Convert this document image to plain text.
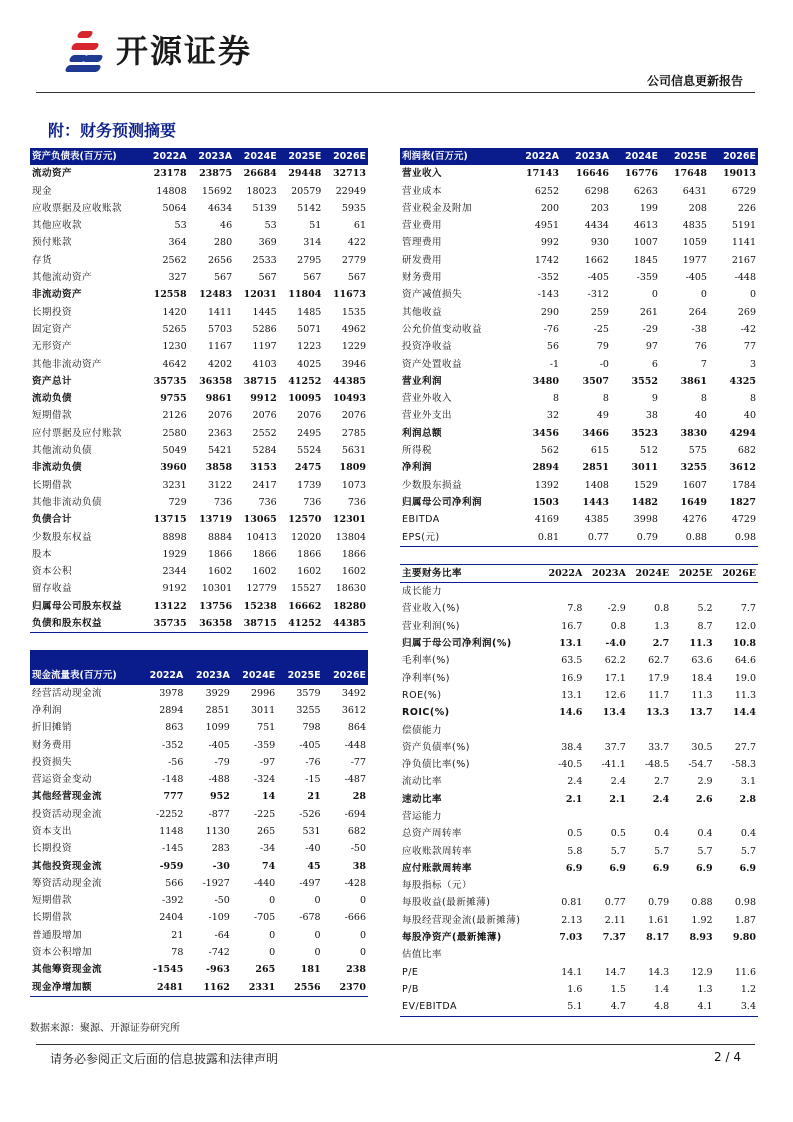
开源证券
公司信息更新报告
附：财务预测摘要
资产负债表(百万元)	2022A	2023A	2024E	2025E	2026E
流动资产	23178	23875	26684	29448	32713
现金	14808	15692	18023	20579	22949
应收票据及应收账款	5064	4634	5139	5142	5935
其他应收款	53	46	53	51	61
预付账款	364	280	369	314	422
存货	2562	2656	2533	2795	2779
其他流动资产	327	567	567	567	567
非流动资产	12558	12483	12031	11804	11673
长期投资	1420	1411	1445	1485	1535
固定资产	5265	5703	5286	5071	4962
无形资产	1230	1167	1197	1223	1229
其他非流动资产	4642	4202	4103	4025	3946
资产总计	35735	36358	38715	41252	44385
流动负债	9755	9861	9912	10095	10493
短期借款	2126	2076	2076	2076	2076
应付票据及应付账款	2580	2363	2552	2495	2785
其他流动负债	5049	5421	5284	5524	5631
非流动负债	3960	3858	3153	2475	1809
长期借款	3231	3122	2417	1739	1073
其他非流动负债	729	736	736	736	736
负债合计	13715	13719	13065	12570	12301
少数股东权益	8898	8884	10413	12020	13804
股本	1929	1866	1866	1866	1866
资本公积	2344	1602	1602	1602	1602
留存收益	9192	10301	12779	15527	18630
归属母公司股东权益	13122	13756	15238	16662	18280
负债和股东权益	35735	36358	38715	41252	44385
现金流量表(百万元)	2022A	2023A	2024E	2025E	2026E
经营活动现金流	3978	3929	2996	3579	3492
净利润	2894	2851	3011	3255	3612
折旧摊销	863	1099	751	798	864
财务费用	-352	-405	-359	-405	-448
投资损失	-56	-79	-97	-76	-77
营运资金变动	-148	-488	-324	-15	-487
其他经营现金流	777	952	14	21	28
投资活动现金流	-2252	-877	-225	-526	-694
资本支出	1148	1130	265	531	682
长期投资	-145	283	-34	-40	-50
其他投资现金流	-959	-30	74	45	38
筹资活动现金流	566	-1927	-440	-497	-428
短期借款	-392	-50	0	0	0
长期借款	2404	-109	-705	-678	-666
普通股增加	21	-64	0	0	0
资本公积增加	78	-742	0	0	0
其他筹资现金流	-1545	-963	265	181	238
现金净增加额	2481	1162	2331	2556	2370
利润表(百万元)	2022A	2023A	2024E	2025E	2026E
营业收入	17143	16646	16776	17648	19013
营业成本	6252	6298	6263	6431	6729
营业税金及附加	200	203	199	208	226
营业费用	4951	4434	4613	4835	5191
管理费用	992	930	1007	1059	1141
研发费用	1742	1662	1845	1977	2167
财务费用	-352	-405	-359	-405	-448
资产减值损失	-143	-312	0	0	0
其他收益	290	259	261	264	269
公允价值变动收益	-76	-25	-29	-38	-42
投资净收益	56	79	97	76	77
资产处置收益	-1	-0	6	7	3
营业利润	3480	3507	3552	3861	4325
营业外收入	8	8	9	8	8
营业外支出	32	49	38	40	40
利润总额	3456	3466	3523	3830	4294
所得税	562	615	512	575	682
净利润	2894	2851	3011	3255	3612
少数股东损益	1392	1408	1529	1607	1784
归属母公司净利润	1503	1443	1482	1649	1827
EBITDA	4169	4385	3998	4276	4729
EPS(元)	0.81	0.77	0.79	0.88	0.98
主要财务比率	2022A	2023A	2024E	2025E	2026E
成长能力					
营业收入(%)	7.8	-2.9	0.8	5.2	7.7
营业利润(%)	16.7	0.8	1.3	8.7	12.0
归属于母公司净利润(%)	13.1	-4.0	2.7	11.3	10.8
毛利率(%)	63.5	62.2	62.7	63.6	64.6
净利率(%)	16.9	17.1	17.9	18.4	19.0
ROE(%)	13.1	12.6	11.7	11.3	11.3
ROIC(%)	14.6	13.4	13.3	13.7	14.4
偿债能力					
资产负债率(%)	38.4	37.7	33.7	30.5	27.7
净负债比率(%)	-40.5	-41.1	-48.5	-54.7	-58.3
流动比率	2.4	2.4	2.7	2.9	3.1
速动比率	2.1	2.1	2.4	2.6	2.8
营运能力					
总资产周转率	0.5	0.5	0.4	0.4	0.4
应收账款周转率	5.8	5.7	5.7	5.7	5.7
应付账款周转率	6.9	6.9	6.9	6.9	6.9
每股指标（元）					
每股收益(最新摊薄)	0.81	0.77	0.79	0.88	0.98
每股经营现金流(最新摊薄)	2.13	2.11	1.61	1.92	1.87
每股净资产(最新摊薄)	7.03	7.37	8.17	8.93	9.80
估值比率					
P/E	14.1	14.7	14.3	12.9	11.6
P/B	1.6	1.5	1.4	1.3	1.2
EV/EBITDA	5.1	4.7	4.8	4.1	3.4
数据来源：聚源、开源证券研究所
请务必参阅正文后面的信息披露和法律声明	2 / 4
